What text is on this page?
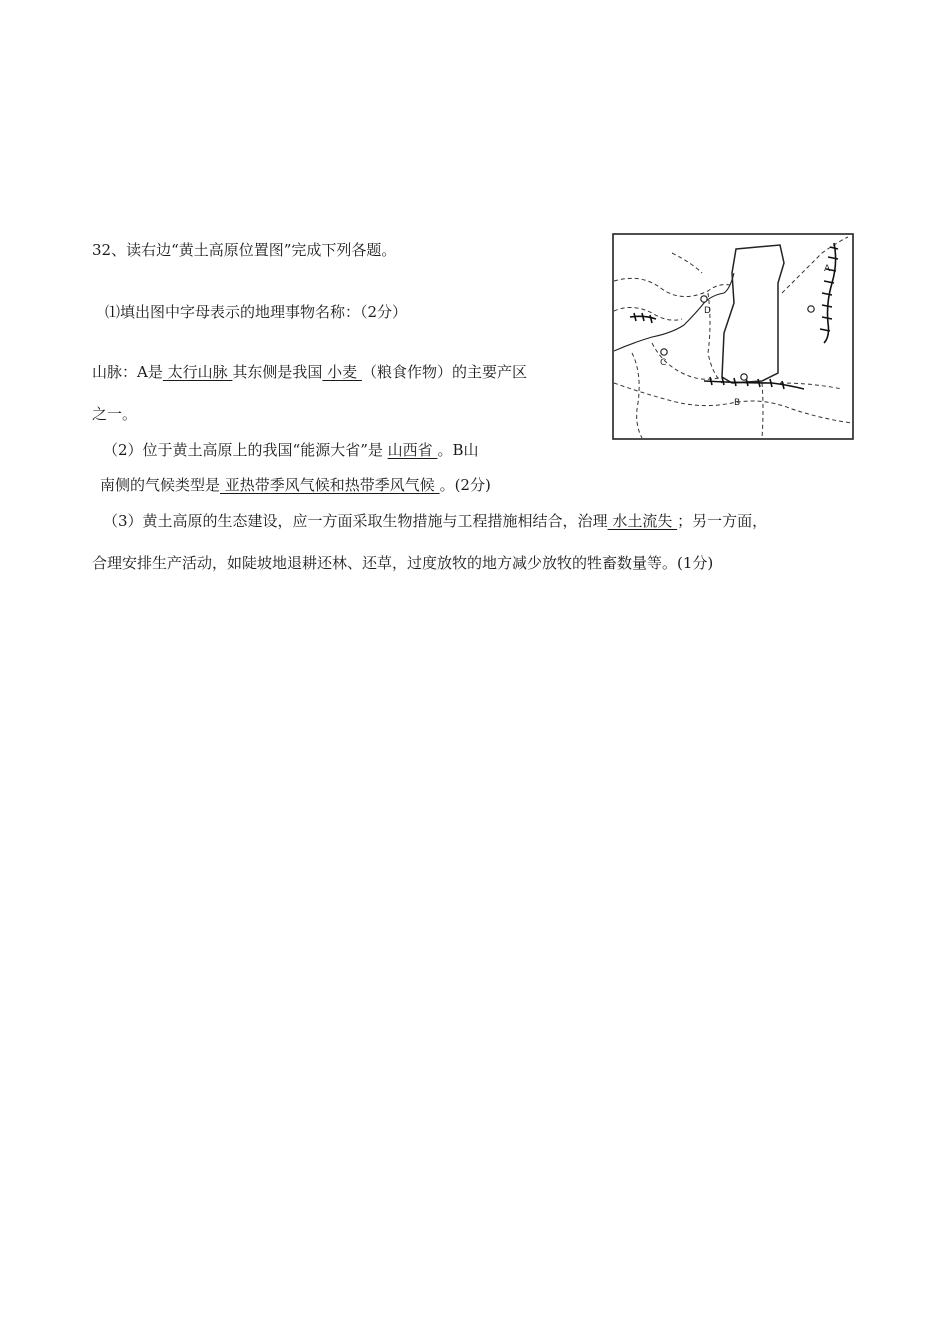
32、读右边“黄土高原位置图”完成下列各题。
⑴填出图中字母表示的地理事物名称：（2分）
山脉：A是 太行山脉 其东侧是我国 小麦 （粮食作物）的主要产区
之一。
（2）位于黄土高原上的我国“能源大省”是 山西省 。B山
南侧的气候类型是 亚热带季风气候和热带季风气候 。(2分)
（3）黄土高原的生态建设，应一方面采取生物措施与工程措施相结合，治理 水土流失 ；另一方面，
合理安排生产活动，如陡坡地退耕还林、还草，过度放牧的地方减少放牧的牲畜数量等。(1分)
A
B
C
D
